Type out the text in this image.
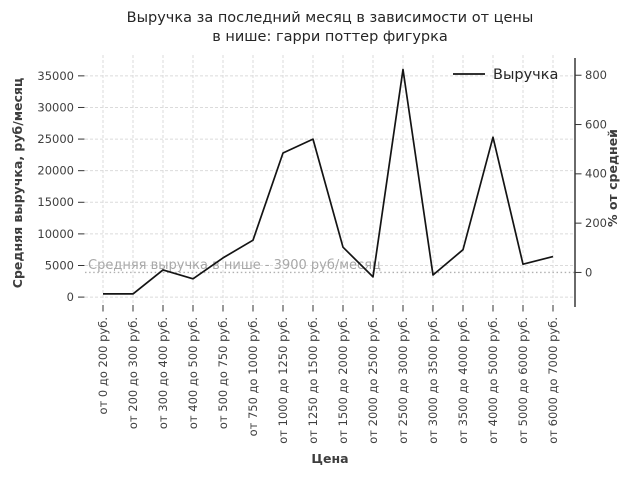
Выручка за последний месяц в зависимости от цены
в нише: гарри поттер фигурка
Средняя выручка в нише - 3900 руб/месяц
0
5000
10000
15000
20000
25000
30000
35000
0
200
400
600
800
от 0 до 200 руб. от 200 до 300 руб. от 300 до 400 руб. от 400 до 500 руб. от 500 до 750 руб. от 750 до 1000 руб. от 1000 до 1250 руб. от 1250 до 1500 руб. от 1500 до 2000 руб. от 2000 до 2500 руб. от 2500 до 3000 руб. от 3000 до 3500 руб. от 3500 до 4000 руб. от 4000 до 5000 руб. от 5000 до 6000 руб. от 6000 до 7000 руб.
Средняя выручка, руб/месяц	% от средней
Цена
Выручка
